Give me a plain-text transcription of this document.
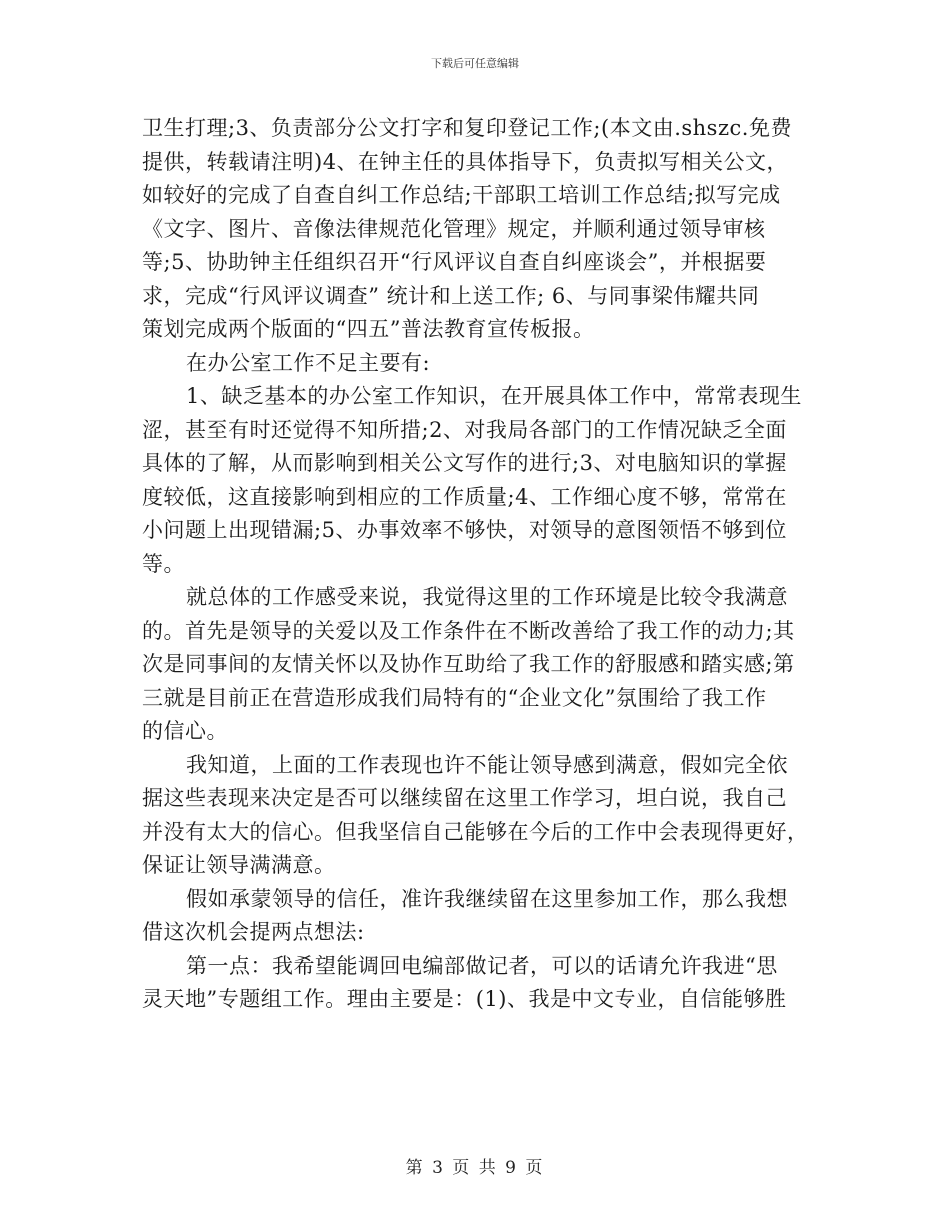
下载后可任意编辑
卫生打理;3、负责部分公文打字和复印登记工作;(本文由.shszc.免费
提供，转载请注明)4、在钟主任的具体指导下，负责拟写相关公文，
如较好的完成了自查自纠工作总结;干部职工培训工作总结;拟写完成
《文字、图片、音像法律规范化管理》规定，并顺利通过领导审核
等;5、协助钟主任组织召开“行风评议自查自纠座谈会”，并根据要
求，完成“行风评议调查” 统计和上送工作; 6、与同事梁伟耀共同
策划完成两个版面的“四五”普法教育宣传板报。
在办公室工作不足主要有:
1、缺乏基本的办公室工作知识，在开展具体工作中，常常表现生
涩，甚至有时还觉得不知所措;2、对我局各部门的工作情况缺乏全面
具体的了解，从而影响到相关公文写作的进行;3、对电脑知识的掌握
度较低，这直接影响到相应的工作质量;4、工作细心度不够，常常在
小问题上出现错漏;5、办事效率不够快，对领导的意图领悟不够到位
等。
就总体的工作感受来说，我觉得这里的工作环境是比较令我满意
的。首先是领导的关爱以及工作条件在不断改善给了我工作的动力;其
次是同事间的友情关怀以及协作互助给了我工作的舒服感和踏实感;第
三就是目前正在营造形成我们局特有的“企业文化”氛围给了我工作
的信心。
我知道，上面的工作表现也许不能让领导感到满意，假如完全依
据这些表现来决定是否可以继续留在这里工作学习，坦白说，我自己
并没有太大的信心。但我坚信自己能够在今后的工作中会表现得更好，
保证让领导满满意。
假如承蒙领导的信任，准许我继续留在这里参加工作，那么我想
借这次机会提两点想法:
第一点：我希望能调回电编部做记者，可以的话请允许我进“思
灵天地”专题组工作。理由主要是：(1)、我是中文专业，自信能够胜
第 3 页 共 9 页
